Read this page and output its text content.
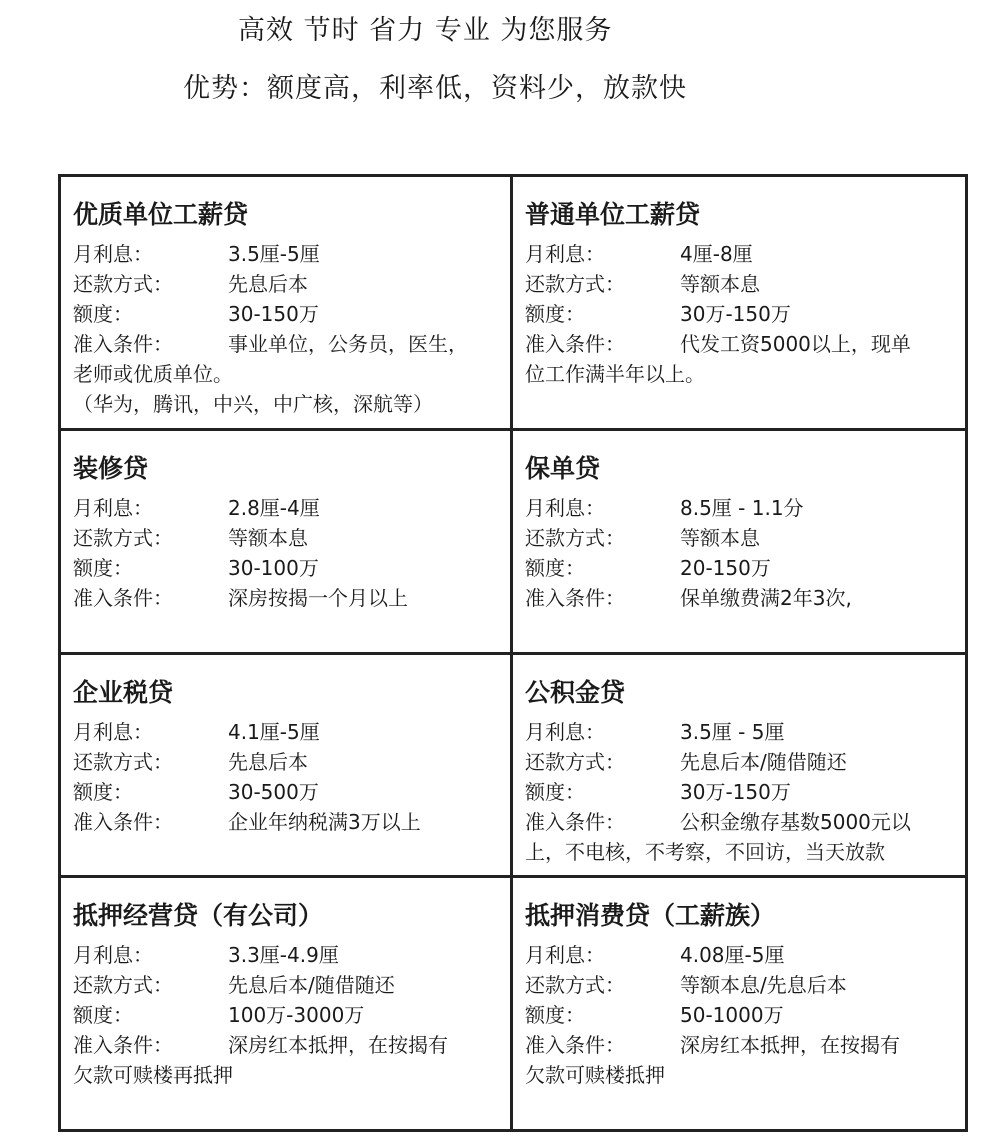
高效 节时 省力 专业 为您服务
优势：额度高，利率低，资料少，放款快
优质单位工薪贷
月利息：	3.5厘-5厘
还款方式：	先息后本
额度：	30-150万
准入条件：	事业单位，公务员，医生，
老师或优质单位。
（华为，腾讯，中兴，中广核，深航等）
普通单位工薪贷
月利息：	4厘-8厘
还款方式：	等额本息
额度：	30万-150万
准入条件：	代发工资5000以上，现单
位工作满半年以上。
装修贷
月利息：	2.8厘-4厘
还款方式：	等额本息
额度：	30-100万
准入条件：	深房按揭一个月以上
保单贷
月利息：	8.5厘 - 1.1分
还款方式：	等额本息
额度：	20-150万
准入条件：	保单缴费满2年3次,
企业税贷
月利息：	4.1厘-5厘
还款方式：	先息后本
额度：	30-500万
准入条件：	企业年纳税满3万以上
公积金贷
月利息：	3.5厘 - 5厘
还款方式：	先息后本/随借随还
额度：	30万-150万
准入条件：	公积金缴存基数5000元以
上，不电核，不考察，不回访，当天放款
抵押经营贷（有公司）
月利息：	3.3厘-4.9厘
还款方式：	先息后本/随借随还
额度：	100万-3000万
准入条件：	深房红本抵押，在按揭有
欠款可赎楼再抵押
抵押消费贷（工薪族）
月利息：	4.08厘-5厘
还款方式：	等额本息/先息后本
额度：	50-1000万
准入条件：	深房红本抵押，在按揭有
欠款可赎楼抵押
